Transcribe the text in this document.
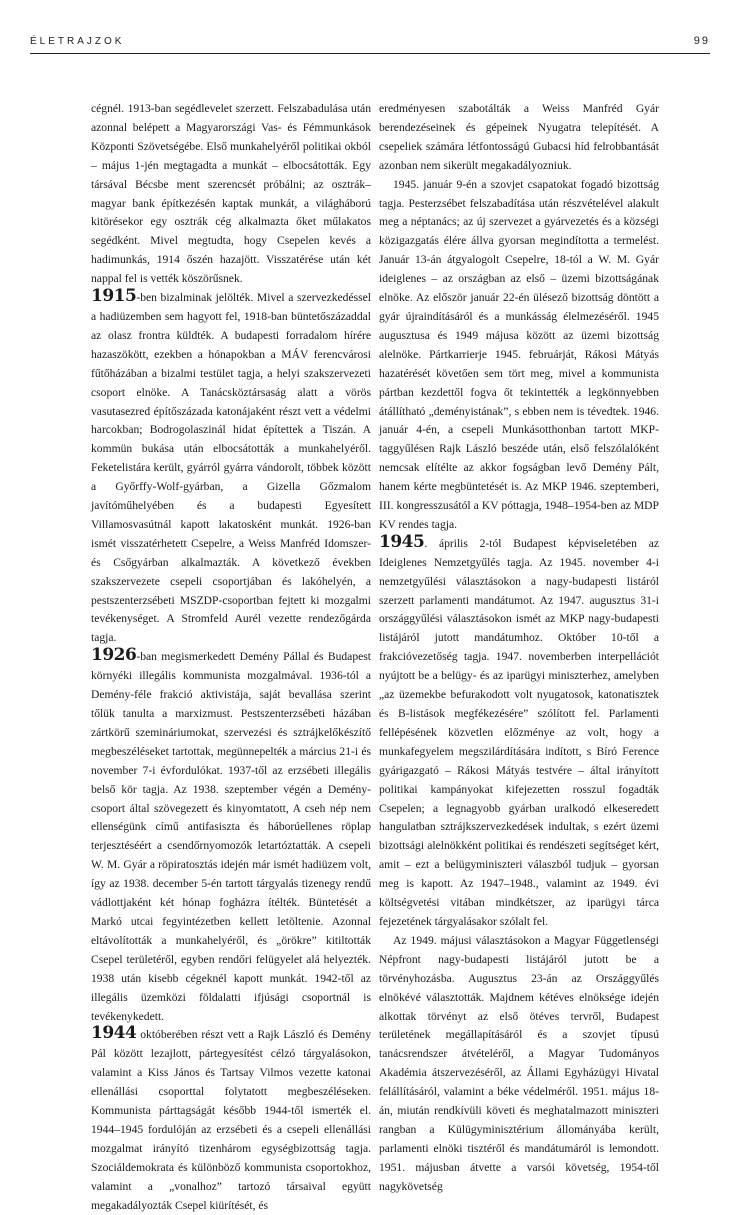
ÉLETRAJZOK	99

cégnél. 1913-ban segédlevelet szerzett. Felszabadulása után azonnal belépett a Magyarországi Vas- és Fémmunkások Központi Szövetségébe. Első munkahelyéről politikai okból – május 1-jén megtagadta a munkát – elbocsátották. Egy társával Bécsbe ment szerencsét próbálni; az osztrák–magyar bank építkezésén kaptak munkát, a világháború kitörésekor egy osztrák cég alkalmazta őket műlakatos segédként. Mivel megtudta, hogy Csepelen kevés a hadimunkás, 1914 őszén hazajött. Visszatérése után két nappal fel is vették köszörűsnek.

1915-ben bizalminak jelölték. Mivel a szervezkedéssel a hadiüzemben sem hagyott fel, 1918-ban büntetőszázaddal az olasz frontra küldték. A budapesti forradalom hírére hazaszökött, ezekben a hónapokban a MÁV ferencvárosi fűtőházában a bizalmi testület tagja, a helyi szakszervezeti csoport elnöke. A Tanácsköztársaság alatt a vörös vasutasezred építőszázada katonájaként részt vett a védelmi harcokban; Bodrogolaszinál hidat építettek a Tiszán. A kommün bukása után elbocsátották a munkahelyéről. Feketelistára került, gyárról gyárra vándorolt, többek között a Győrffy-Wolf-gyárban, a Gizella Gőzmalom javítóműhelyében és a budapesti Egyesített Villamosvasútnál kapott lakatosként munkát. 1926-ban ismét visszatérhetett Csepelre, a Weiss Manfréd Idomszer- és Csőgyárban alkalmazták. A következő években szakszervezete csepeli csoportjában és lakóhelyén, a pestszenterzsébeti MSZDP-csoportban fejtett ki mozgalmi tevékenységet. A Stromfeld Aurél vezette rendezőgárda tagja.

1926-ban megismerkedett Demény Pállal és Budapest környéki illegális kommunista mozgalmával. 1936-tól a Demény-féle frakció aktivistája, saját bevallása szerint tőlük tanulta a marxizmust. Pestszenterzsébeti házában zártkörű szemináriumokat, szervezési és sztrájkelőkészítő megbeszéléseket tartottak, megünnepelték a március 21-i és november 7-i évfordulókat. 1937-től az erzsébeti illegális belső kör tagja. Az 1938. szeptember végén a Demény-csoport által szövegezett és kinyomtatott, A cseh nép nem ellenségünk című antifasiszta és háborúellenes röplap terjesztéséért a csendőrnyomozók letartóztatták. A csepeli W. M. Gyár a röpiratosztás idején már ismét hadiüzem volt, így az 1938. december 5-én tartott tárgyalás tizenegy rendű vádlottjaként két hónap fogházra ítélték. Büntetését a Markó utcai fegyintézetben kellett letöltenie. Azonnal eltávolították a munkahelyéről, és „örökre” kitiltották Csepel területéről, egyben rendőri felügyelet alá helyezték. 1938 után kisebb cégeknél kapott munkát. 1942-től az illegális üzemközi földalatti ifjúsági csoportnál is tevékenykedett.

1944 októberében részt vett a Rajk László és Demény Pál között lezajlott, pártegyesítést célzó tárgyalásokon, valamint a Kiss János és Tartsay Vilmos vezette katonai ellenállási csoporttal folytatott megbeszéléseken. Kommunista párttagságát később 1944-től ismerték el. 1944–1945 fordulóján az erzsébeti és a csepeli ellenállási mozgalmat irányító tizenhárom egységbizottság tagja. Szociáldemokrata és különböző kommunista csoportokhoz, valamint a „vonalhoz” tartozó társaival együtt megakadályozták Csepel kiürítését, és

eredményesen szabotálták a Weiss Manfréd Gyár berendezéseinek és gépeinek Nyugatra telepítését. A csepeliek számára létfontosságú Gubacsi híd felrobbantását azonban nem sikerült megakadályozniuk.

1945. január 9-én a szovjet csapatokat fogadó bizottság tagja. Pesterzsébet felszabadítása után részvételével alakult meg a néptanács; az új szervezet a gyárvezetés és a községi közigazgatás élére állva gyorsan megindította a termelést. Január 13-án átgyalogolt Csepelre, 18-tól a W. M. Gyár ideiglenes – az országban az első – üzemi bizottságának elnöke. Az először január 22-én ülésező bizottság döntött a gyár újraindításáról és a munkásság élelmezéséről. 1945 augusztusa és 1949 májusa között az üzemi bizottság alelnöke. Pártkarrierje 1945. februárját, Rákosi Mátyás hazatérését követően sem tört meg, mivel a kommunista pártban kezdettől fogva őt tekintették a legkönnyebben átállítható „deményistának”, s ebben nem is tévedtek. 1946. január 4-én, a csepeli Munkásotthonban tartott MKP-taggyűlésen Rajk László beszéde után, első felszólalóként nemcsak elítélte az akkor fogságban levő Demény Pált, hanem kérte megbüntetését is. Az MKP 1946. szeptemberi, III. kongresszusától a KV póttagja, 1948–1954-ben az MDP KV rendes tagja.

1945. április 2-tól Budapest képviseletében az Ideiglenes Nemzetgyűlés tagja. Az 1945. november 4-i nemzetgyűlési választásokon a nagy-budapesti listáról szerzett parlamenti mandátumot. Az 1947. augusztus 31-i országgyűlési választásokon ismét az MKP nagy-budapesti listájáról jutott mandátumhoz. Október 10-től a frakcióvezetőség tagja. 1947. novemberben interpellációt nyújtott be a belügy- és az iparügyi miniszterhez, amelyben „az üzemekbe befurakodott volt nyugatosok, katonatisztek és B-listások megfékezésére” szólított fel. Parlamenti fellépésének közvetlen előzménye az volt, hogy a munkafegyelem megszilárdítására indított, s Bíró Ference gyárigazgató – Rákosi Mátyás testvére – által irányított politikai kampányokat kifejezetten rosszul fogadták Csepelen; a legnagyobb gyárban uralkodó elkeseredett hangulatban sztrájkszervezkedések indultak, s ezért üzemi bizottsági alelnökként politikai és rendészeti segítséget kért, amit – ezt a belügyminiszteri válaszból tudjuk – gyorsan meg is kapott. Az 1947–1948., valamint az 1949. évi költségvetési vitában mindkétszer, az iparügyi tárca fejezetének tárgyalásakor szólalt fel.

Az 1949. májusi választásokon a Magyar Függetlenségi Népfront nagy-budapesti listájáról jutott be a törvényhozásba. Augusztus 23-án az Országgyűlés elnökévé választották. Majdnem kétéves elnöksége idején alkottak törvényt az első ötéves tervről, Budapest területének megállapításáról és a szovjet típusú tanácsrendszer átvételéről, a Magyar Tudományos Akadémia átszervezéséről, az Állami Egyházügyi Hivatal felállításáról, valamint a béke védelméről. 1951. május 18-án, miután rendkívüli követi és meghatalmazott miniszteri rangban a Külügyminisztérium állományába került, parlamenti elnöki tisztéről és mandátumáról is lemondott. 1951. májusban átvette a varsói követség, 1954-től nagykövetség
